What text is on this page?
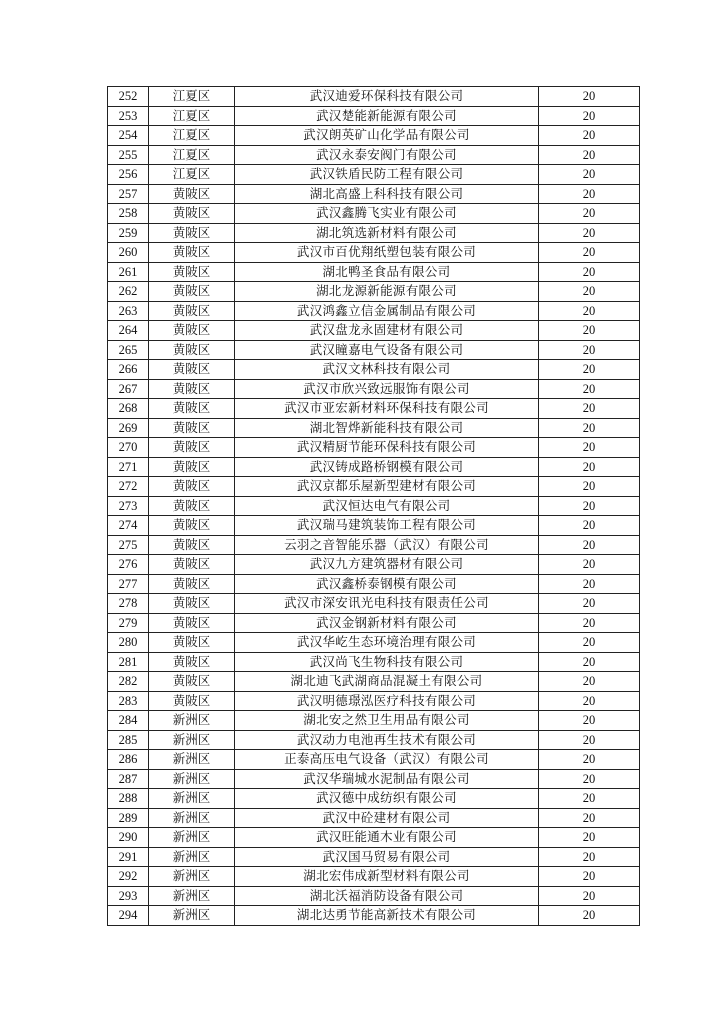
252	江夏区	武汉迪爱环保科技有限公司	20
253	江夏区	武汉楚能新能源有限公司	20
254	江夏区	武汉朗英矿山化学品有限公司	20
255	江夏区	武汉永泰安阀门有限公司	20
256	江夏区	武汉铁盾民防工程有限公司	20
257	黄陂区	湖北高盛上科科技有限公司	20
258	黄陂区	武汉鑫腾飞实业有限公司	20
259	黄陂区	湖北筑选新材料有限公司	20
260	黄陂区	武汉市百优翔纸塑包装有限公司	20
261	黄陂区	湖北鸭圣食品有限公司	20
262	黄陂区	湖北龙源新能源有限公司	20
263	黄陂区	武汉鸿鑫立信金属制品有限公司	20
264	黄陂区	武汉盘龙永固建材有限公司	20
265	黄陂区	武汉瞳嘉电气设备有限公司	20
266	黄陂区	武汉文林科技有限公司	20
267	黄陂区	武汉市欣兴致远服饰有限公司	20
268	黄陂区	武汉市亚宏新材料环保科技有限公司	20
269	黄陂区	湖北智烨新能科技有限公司	20
270	黄陂区	武汉精厨节能环保科技有限公司	20
271	黄陂区	武汉铸成路桥钢模有限公司	20
272	黄陂区	武汉京都乐屋新型建材有限公司	20
273	黄陂区	武汉恒达电气有限公司	20
274	黄陂区	武汉瑞马建筑装饰工程有限公司	20
275	黄陂区	云羽之音智能乐器（武汉）有限公司	20
276	黄陂区	武汉九方建筑器材有限公司	20
277	黄陂区	武汉鑫桥泰钢模有限公司	20
278	黄陂区	武汉市深安讯光电科技有限责任公司	20
279	黄陂区	武汉金钢新材料有限公司	20
280	黄陂区	武汉华屹生态环境治理有限公司	20
281	黄陂区	武汉尚飞生物科技有限公司	20
282	黄陂区	湖北迪飞武湖商品混凝土有限公司	20
283	黄陂区	武汉明德璟泓医疗科技有限公司	20
284	新洲区	湖北安之然卫生用品有限公司	20
285	新洲区	武汉动力电池再生技术有限公司	20
286	新洲区	正泰高压电气设备（武汉）有限公司	20
287	新洲区	武汉华瑞城水泥制品有限公司	20
288	新洲区	武汉德中成纺织有限公司	20
289	新洲区	武汉中砼建材有限公司	20
290	新洲区	武汉旺能通木业有限公司	20
291	新洲区	武汉国马贸易有限公司	20
292	新洲区	湖北宏伟成新型材料有限公司	20
293	新洲区	湖北沃福消防设备有限公司	20
294	新洲区	湖北达勇节能高新技术有限公司	20
